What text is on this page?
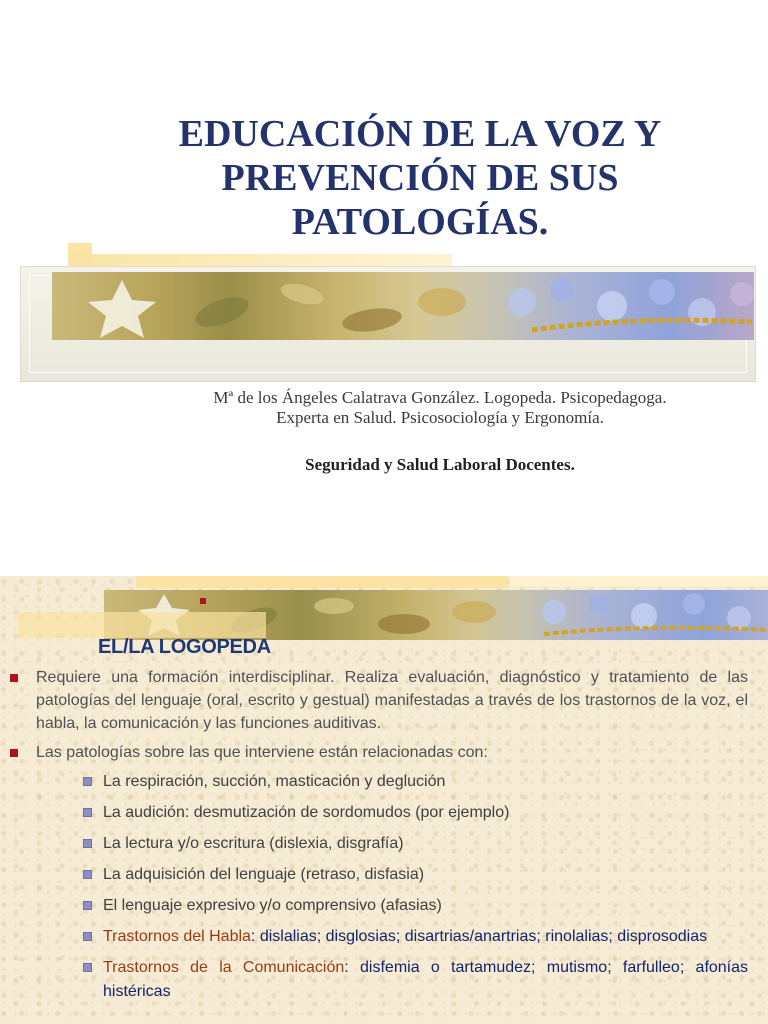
EDUCACIÓN DE LA VOZ Y
PREVENCIÓN DE SUS
PATOLOGÍAS.

Mª de los Ángeles Calatrava González. Logopeda. Psicopedagoga. Experta en Salud. Psicosociología y Ergonomía.

Seguridad y Salud Laboral Docentes.

EL/LA LOGOPEDA
Requiere una formación interdisciplinar. Realiza evaluación, diagnóstico y tratamiento de las patologías del lenguaje (oral, escrito y gestual) manifestadas a través de los trastornos de la voz, el habla, la comunicación y las funciones auditivas.
Las patologías sobre las que interviene están relacionadas con:
La respiración, succión, masticación y deglución
La audición: desmutización de sordomudos (por ejemplo)
La lectura y/o escritura (dislexia, disgrafía)
La adquisición del lenguaje (retraso, disfasia)
El lenguaje expresivo y/o comprensivo (afasias)
Trastornos del Habla: dislalias; disglosias; disartrias/anartrias; rinolalias; disprosodias
Trastornos de la Comunicación: disfemia o tartamudez; mutismo; farfulleo; afonías histéricas
